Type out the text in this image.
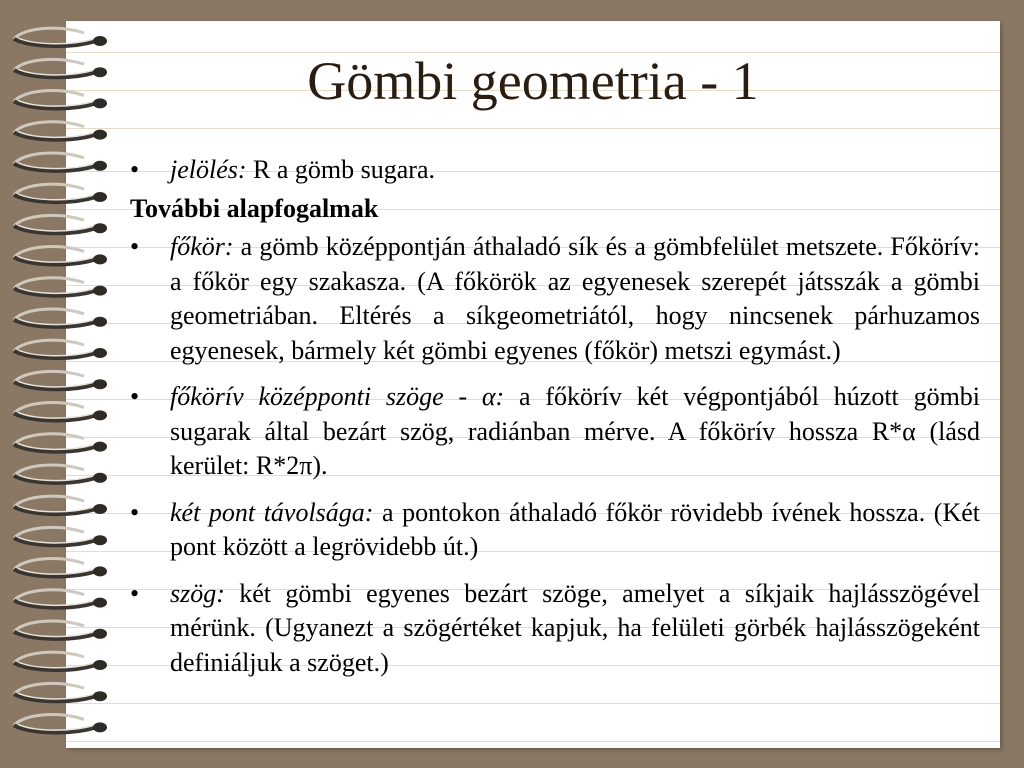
Gömbi geometria - 1
• jelölés: R a gömb sugara.
További alapfogalmak
• főkör: a gömb középpontján áthaladó sík és a gömbfelület metszete. Főkörív: a főkör egy szakasza. (A főkörök az egyenesek szerepét játsszák a gömbi geometriában. Eltérés a síkgeometriától, hogy nincsenek párhuzamos egyenesek, bármely két gömbi egyenes (főkör) metszi egymást.)
• főkörív középponti szöge - α: a főkörív két végpontjából húzott gömbi sugarak által bezárt szög, radiánban mérve. A főkörív hossza R*α (lásd kerület: R*2π).
• két pont távolsága: a pontokon áthaladó főkör rövidebb ívének hossza. (Két pont között a legrövidebb út.)
• szög: két gömbi egyenes bezárt szöge, amelyet a síkjaik hajlásszögével mérünk. (Ugyanezt a szögértéket kapjuk, ha felületi görbék hajlásszögeként definiáljuk a szöget.)
